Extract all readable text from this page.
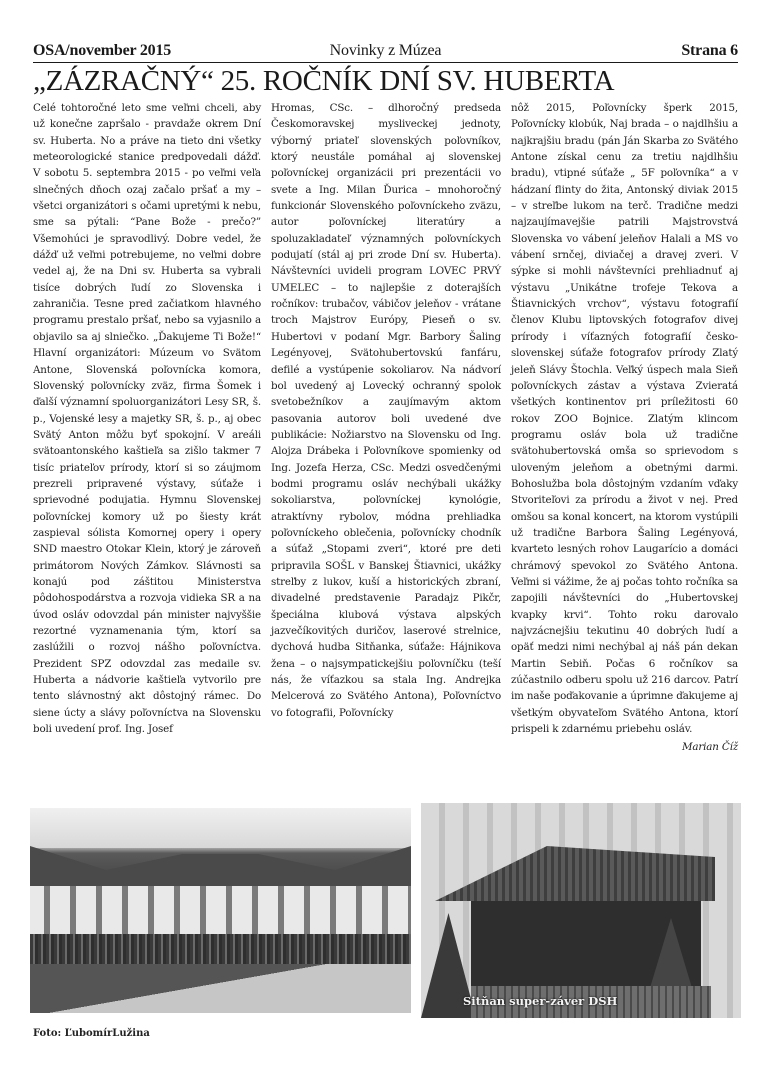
OSA/november 2015	Novinky z Múzea	Strana 6
„ZÁZRAČNÝ“ 25. ROČNÍK DNÍ SV. HUBERTA

Celé tohtoročné leto sme veľmi chceli, aby už konečne zapršalo - pravdaže okrem Dní sv. Huberta. No a práve na tieto dni všetky meteorologické stanice predpovedali dážď. V sobotu 5. septembra 2015 - po veľmi veľa slnečných dňoch ozaj začalo pršať a my – všetci organizátori s očami upretými k nebu, sme sa pýtali: “Pane Bože - prečo?” Všemohúci je spravodlivý. Dobre vedel, že dážď už veľmi potrebujeme, no veľmi dobre vedel aj, že na Dni sv. Huberta sa vybrali tisíce dobrých ľudí zo Slovenska i zahraničia. Tesne pred začiatkom hlavného programu prestalo pršať, nebo sa vyjasnilo a objavilo sa aj slniečko. „Ďakujeme Ti Bože!“ Hlavní organizátori: Múzeum vo Svätom Antone, Slovenská poľovnícka komora, Slovenský poľovnícky zväz, firma Šomek i ďalší významní spoluorganizátori Lesy SR, š. p., Vojenské lesy a majetky SR, š. p., aj obec Svätý Anton môžu byť spokojní. V areáli svätoantonského kaštieľa sa zišlo takmer 7 tisíc priateľov prírody, ktorí si so záujmom prezreli pripravené výstavy, súťaže i sprievodné podujatia. Hymnu Slovenskej poľovníckej komory už po šiesty krát zaspieval sólista Komornej opery i opery SND maestro Otokar Klein, ktorý je zároveň primátorom Nových Zámkov. Slávnosti sa konajú pod záštitou Ministerstva pôdohospodárstva a rozvoja vidieka SR a na úvod osláv odovzdal pán minister najvyššie rezortné vyznamenania tým, ktorí sa zaslúžili o rozvoj nášho poľovníctva. Prezident SPZ odovzdal zas medaile sv. Huberta a nádvorie kaštieľa vytvorilo pre tento slávnostný akt dôstojný rámec. Do siene úcty a slávy poľovníctva na Slovensku boli uvedení prof. Ing. Josef

Hromas, CSc. – dlhoročný predseda Českomoravskej mysliveckej jednoty, výborný priateľ slovenských poľovníkov, ktorý neustále pomáhal aj slovenskej poľovníckej organizácii pri prezentácii vo svete a Ing. Milan Ďurica – mnohoročný funkcionár Slovenského poľovníckeho zväzu, autor poľovníckej literatúry a spoluzakladateľ významných poľovníckych podujatí (stál aj pri zrode Dní sv. Huberta). Návštevníci uvideli program LOVEC PRVÝ UMELEC – to najlepšie z doterajších ročníkov: trubačov, vábičov jeleňov - vrátane troch Majstrov Európy, Pieseň o sv. Hubertovi v podaní Mgr. Barbory Šaling Legényovej, Svätohubertovskú fanfáru, defilé a vystúpenie sokoliarov. Na nádvorí bol uvedený aj Lovecký ochranný spolok svetobežníkov a zaujímavým aktom pasovania autorov boli uvedené dve publikácie: Nožiarstvo na Slovensku od Ing. Alojza Drábeka i Poľovníkove spomienky od Ing. Jozefa Herza, CSc. Medzi osvedčenými bodmi programu osláv nechýbali ukážky sokoliarstva, poľovníckej kynológie, atraktívny rybolov, módna prehliadka poľovníckeho oblečenia, poľovnícky chodník a súťaž „Stopami zveri“, ktoré pre deti pripravila SOŠL v Banskej Štiavnici, ukážky streľby z lukov, kuší a historických zbraní, divadelné predstavenie Paradajz Pikčr, špeciálna klubová výstava alpských jazvečíkovitých duričov, laserové strelnice, dychová hudba Sitňanka, súťaže: Hájnikova žena – o najsympatickejšiu poľovníčku (teší nás, že víťazkou sa stala Ing. Andrejka Melcerová zo Svätého Antona), Poľovníctvo vo fotografii, Poľovnícky

nôž 2015, Poľovnícky šperk 2015, Poľovnícky klobúk, Naj brada – o najdlhšiu a najkrajšiu bradu (pán Ján Skarba zo Svätého Antone získal cenu za tretiu najdlhšiu bradu), vtipné súťaže „ 5F poľovníka“ a v hádzaní flinty do žita, Antonský diviak 2015 – v streľbe lukom na terč. Tradične medzi najzaujímavejšie patrili Majstrovstvá Slovenska vo vábení jeleňov Halali a MS vo vábení srnčej, diviačej a dravej zveri. V sýpke si mohli návštevníci prehliadnuť aj výstavu „Unikátne trofeje Tekova a Štiavnických vrchov“, výstavu fotografií členov Klubu liptovských fotografov divej prírody i víťazných fotografií česko-slovenskej súťaže fotografov prírody Zlatý jeleň Slávy Štochla. Veľký úspech mala Sieň poľovníckych zástav a výstava Zvieratá všetkých kontinentov pri príležitosti 60 rokov ZOO Bojnice. Zlatým klincom programu osláv bola už tradične svätohubertovská omša so sprievodom s uloveným jeleňom a obetnými darmi. Bohoslužba bola dôstojným vzdaním vďaky Stvoriteľovi za prírodu a život v nej. Pred omšou sa konal koncert, na ktorom vystúpili už tradične Barbora Šaling Legényová, kvarteto lesných rohov Laugarício a domáci chrámový spevokol zo Svätého Antona. Veľmi si vážime, že aj počas tohto ročníka sa zapojili návštevníci do „Hubertovskej kvapky krvi“. Tohto roku darovalo najvzácnejšiu tekutinu 40 dobrých ľudí a opäť medzi nimi nechýbal aj náš pán dekan Martin Sebiň. Počas 6 ročníkov sa zúčastnilo odberu spolu už 216 darcov. Patrí im naše poďakovanie a úprimne ďakujeme aj všetkým obyvateľom Svätého Antona, ktorí prispeli k zdarnému priebehu osláv.

Marian Číž
Sitňan super-záver DSH
Foto: ĽubomírLužina
